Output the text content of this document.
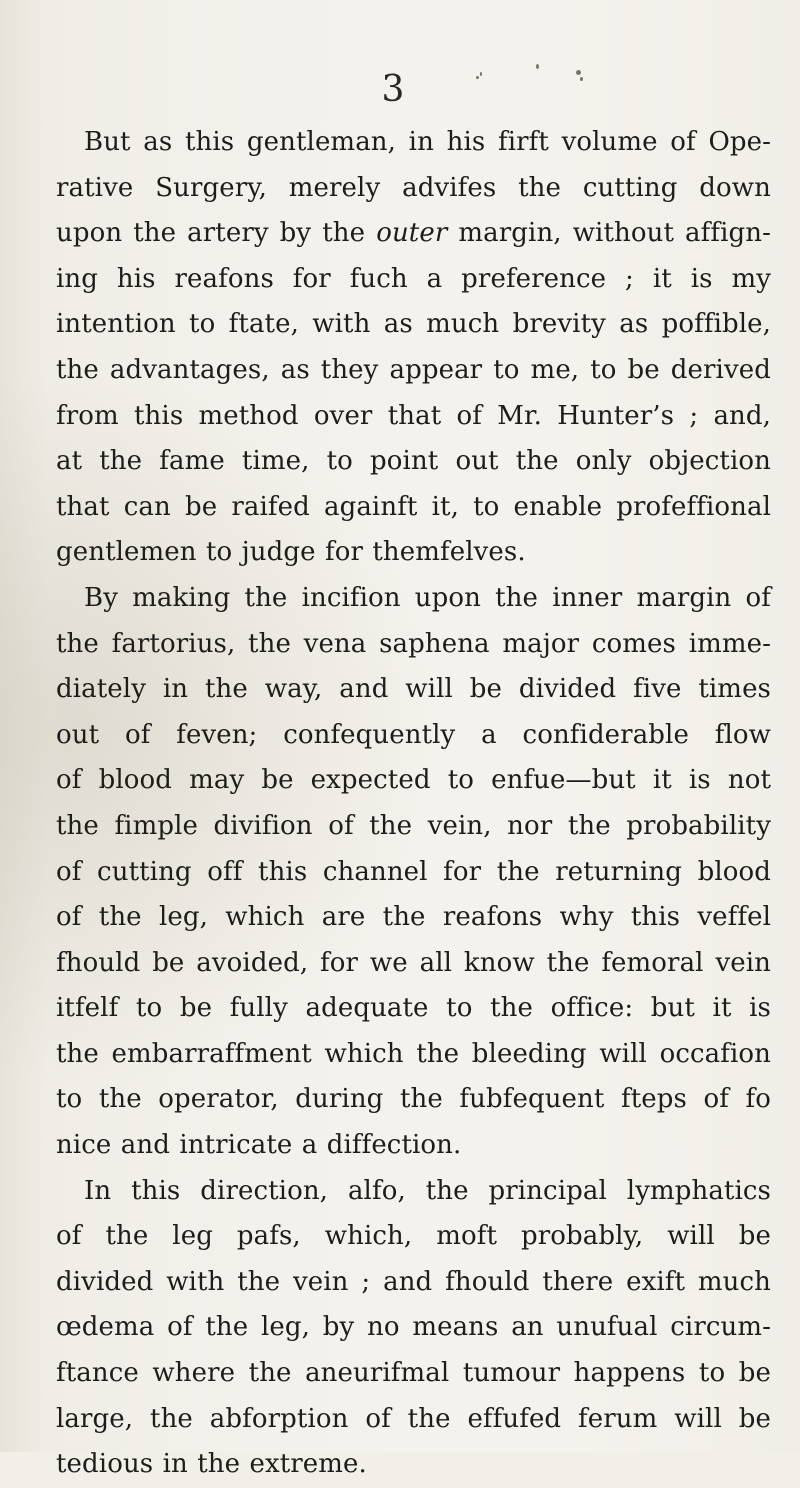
3
But as this gentleman, in his firft volume of Ope-
rative Surgery, merely advifes the cutting down
upon the artery by the outer margin, without affign-
ing his reafons for fuch a preference ; it is my
intention to ftate, with as much brevity as poffible,
the advantages, as they appear to me, to be derived
from this method over that of Mr. Hunter’s ; and,
at the fame time, to point out the only objection
that can be raifed againft it, to enable profeffional
gentlemen to judge for themfelves.
By making the incifion upon the inner margin of
the fartorius, the vena saphena major comes imme-
diately in the way, and will be divided five times
out of feven; confequently a confiderable flow
of blood may be expected to enfue—but it is not
the fimple divifion of the vein, nor the probability
of cutting off this channel for the returning blood
of the leg, which are the reafons why this veffel
fhould be avoided, for we all know the femoral vein
itfelf to be fully adequate to the office: but it is
the embarraffment which the bleeding will occafion
to the operator, during the fubfequent fteps of fo
nice and intricate a diffection.
In this direction, alfo, the principal lymphatics
of the leg pafs, which, moft probably, will be
divided with the vein ; and fhould there exift much
œdema of the leg, by no means an unufual circum-
ftance where the aneurifmal tumour happens to be
large, the abforption of the effufed ferum will be
tedious in the extreme.
